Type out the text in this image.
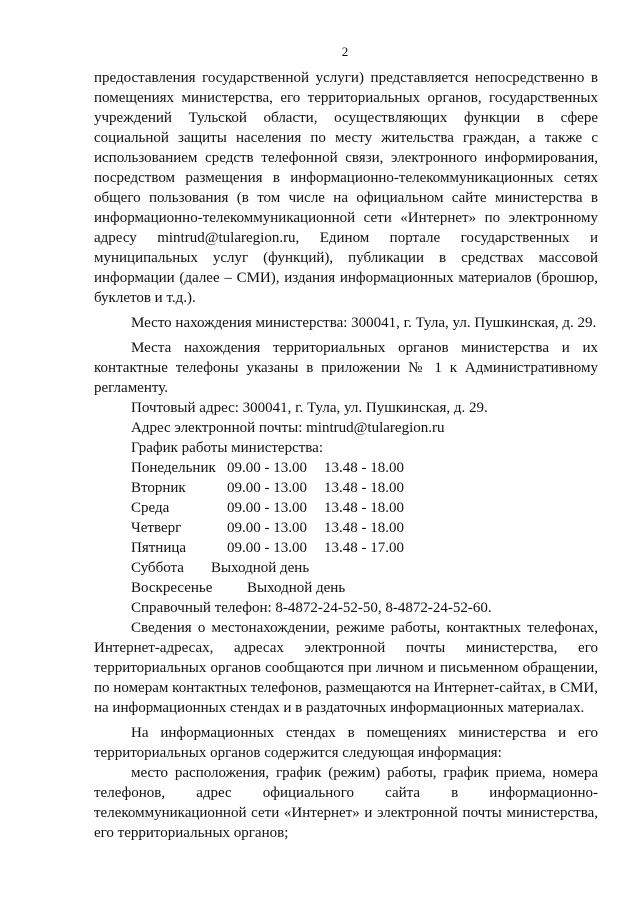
2

предоставления государственной услуги) представляется непосредственно в помещениях министерства, его территориальных органов, государственных учреждений Тульской области, осуществляющих функции в сфере социальной защиты населения по месту жительства граждан, а также с использованием средств телефонной связи, электронного информирования, посредством размещения в информационно-телекоммуникационных сетях общего пользования (в том числе на официальном сайте министерства в информационно-телекоммуникационной сети «Интернет» по электронному адресу mintrud@tularegion.ru, Едином портале государственных и муниципальных услуг (функций), публикации в средствах массовой информации (далее – СМИ), издания информационных материалов (брошюр, буклетов и т.д.).

Место нахождения министерства: 300041, г. Тула, ул. Пушкинская, д. 29.

Места нахождения территориальных органов министерства и их контактные телефоны указаны в приложении № 1 к Административному регламенту.

Почтовый адрес: 300041, г. Тула, ул. Пушкинская, д. 29.

Адрес электронной почты: mintrud@tularegion.ru

График работы министерства:

Понедельник 09.00 - 13.00	13.48 - 18.00
Вторник	09.00 - 13.00	13.48 - 18.00
Среда	09.00 - 13.00	13.48 - 18.00
Четверг	09.00 - 13.00	13.48 - 18.00
Пятница	09.00 - 13.00	13.48 - 17.00
Суббота	Выходной день
Воскресенье	Выходной день

Справочный телефон: 8-4872-24-52-50, 8-4872-24-52-60.

Сведения о местонахождении, режиме работы, контактных телефонах, Интернет-адресах, адресах электронной почты министерства, его территориальных органов сообщаются при личном и письменном обращении, по номерам контактных телефонов, размещаются на Интернет-сайтах, в СМИ, на информационных стендах и в раздаточных информационных материалах.

На информационных стендах в помещениях министерства и его территориальных органов содержится следующая информация:

место расположения, график (режим) работы, график приема, номера телефонов, адрес официального сайта в информационно-телекоммуникационной сети «Интернет» и электронной почты министерства, его территориальных органов;
